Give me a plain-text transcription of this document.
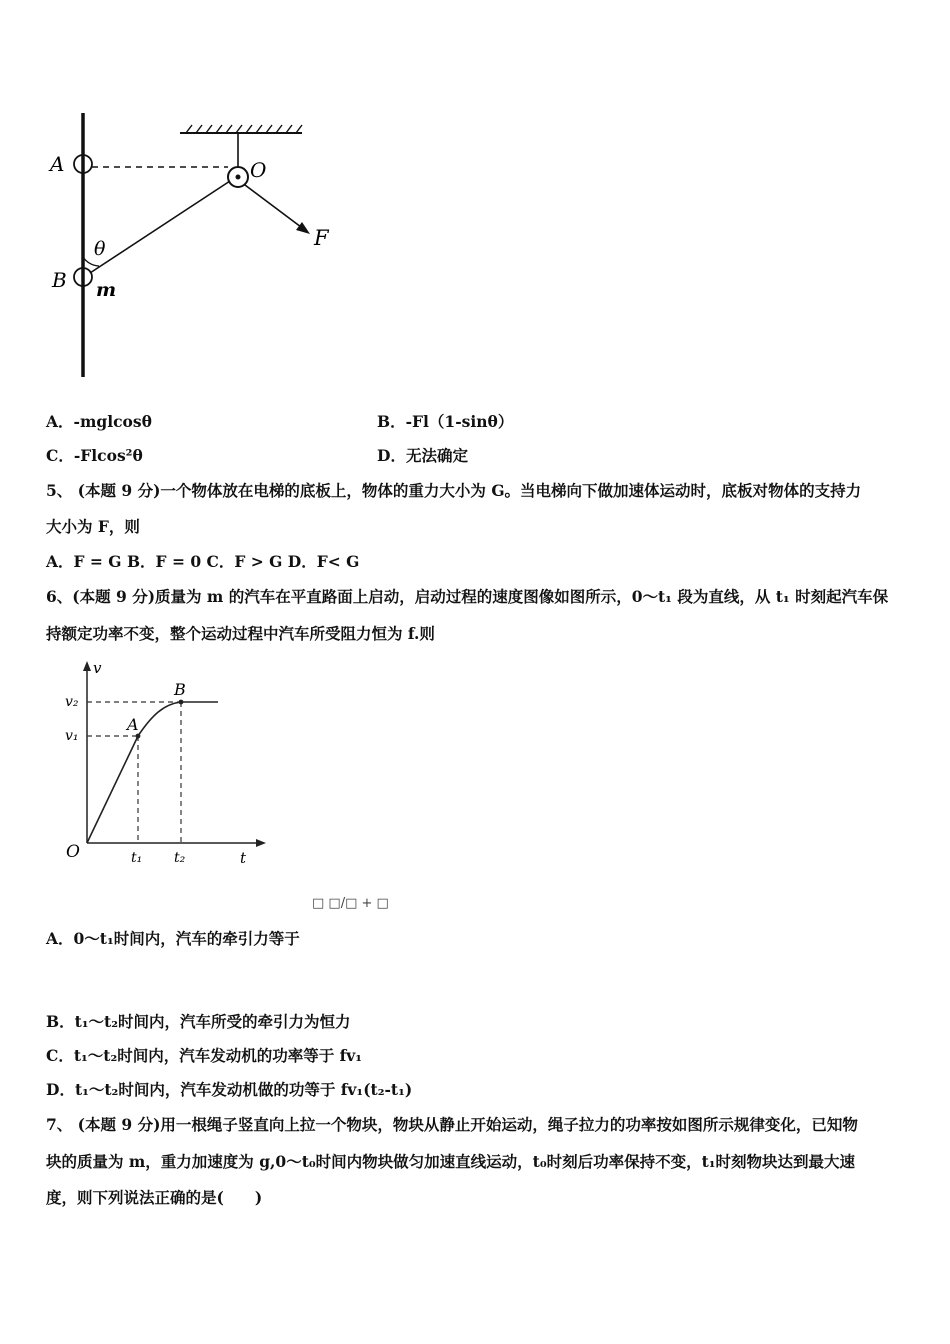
A	O
θ
B m
F
A．-mglcosθ	B．-Fl（1-sinθ）
C．-Flcos²θ	D．无法确定
5、 (本题 9 分)一个物体放在电梯的底板上，物体的重力大小为 G。当电梯向下做加速体运动时，底板对物体的支持力
大小为 F，则
A．F = G B．F = 0 C．F > G D．F< G
6、(本题 9 分)质量为 m 的汽车在平直路面上启动，启动过程的速度图像如图所示，0～t₁ 段为直线，从 t₁ 时刻起汽车保
持额定功率不变，整个运动过程中汽车所受阻力恒为 f.则
v
t
O
v₂
v₁
t₁ t₂
A
B
□ □/□ + □
A．0～t₁时间内，汽车的牵引力等于
B．t₁～t₂时间内，汽车所受的牵引力为恒力
C．t₁～t₂时间内，汽车发动机的功率等于 fv₁
D．t₁～t₂时间内，汽车发动机做的功等于 fv₁(t₂-t₁)
7、 (本题 9 分)用一根绳子竖直向上拉一个物块，物块从静止开始运动，绳子拉力的功率按如图所示规律变化，已知物
块的质量为 m，重力加速度为 g,0～t₀时间内物块做匀加速直线运动，t₀时刻后功率保持不变，t₁时刻物块达到最大速
度，则下列说法正确的是(　　)
